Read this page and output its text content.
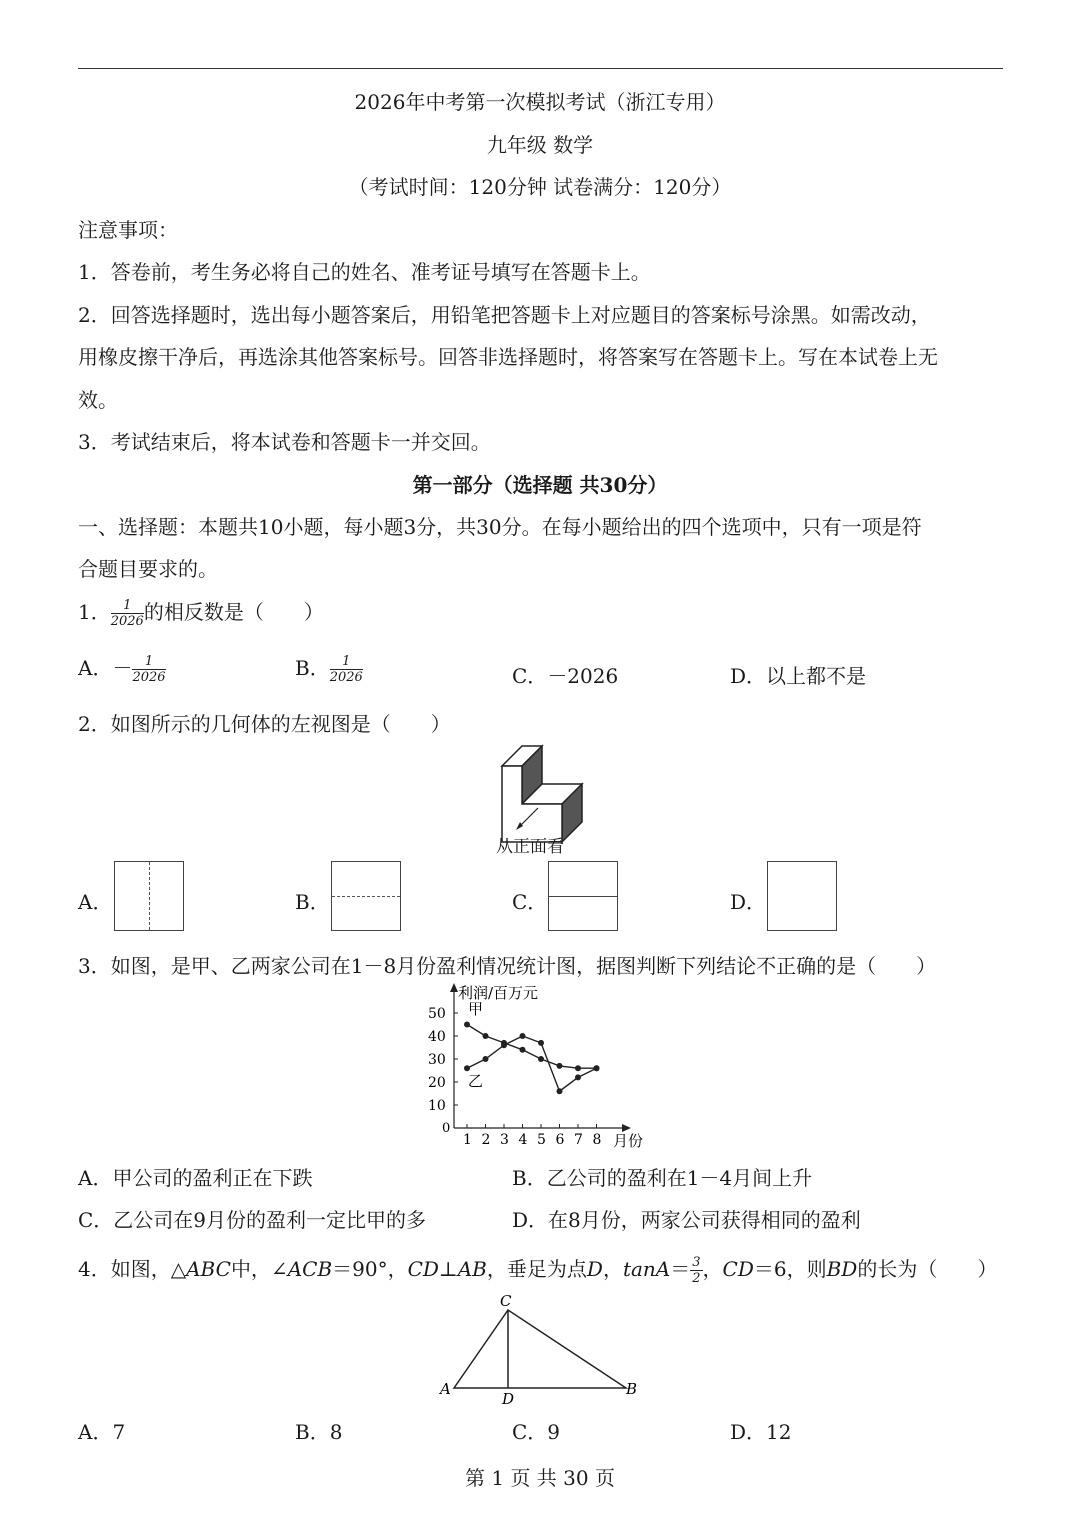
2026年中考第一次模拟考试（浙江专用）
九年级 数学
（考试时间：120分钟 试卷满分：120分）
注意事项：
1．答卷前，考生务必将自己的姓名、准考证号填写在答题卡上。
2．回答选择题时，选出每小题答案后，用铅笔把答题卡上对应题目的答案标号涂黑。如需改动，
用橡皮擦干净后，再选涂其他答案标号。回答非选择题时，将答案写在答题卡上。写在本试卷上无
效。
3．考试结束后，将本试卷和答题卡一并交回。
第一部分（选择题 共30分）
一、选择题：本题共10小题，每小题3分，共30分。在每小题给出的四个选项中，只有一项是符
合题目要求的。
1． $\frac{1}{2026}$ 的相反数是（　　）
A．－ $\frac{1}{2026}$	B． $\frac{1}{2026}$	C．－2026	D．以上都不是
2．如图所示的几何体的左视图是（　　）
从正面看
A．	B．	C．	D．
3．如图，是甲、乙两家公司在1－8月份盈利情况统计图，据图判断下列结论不正确的是（　　）
利润/百万元
月份
0
10
20
30
40
50
1 2 3 4 5 6 7 8
甲
乙
A．甲公司的盈利正在下跌	B．乙公司的盈利在1－4月间上升
C．乙公司在9月份的盈利一定比甲的多	D．在8月份，两家公司获得相同的盈利
4．如图，△ABC中，∠ACB＝90°，CD⊥AB，垂足为点D，$\tan A= \frac{3}{2}$ ，CD＝6，则BD的长为（　　）
C
A
D
B
A．7	B．8	C．9	D．12
第 1 页 共 30 页
